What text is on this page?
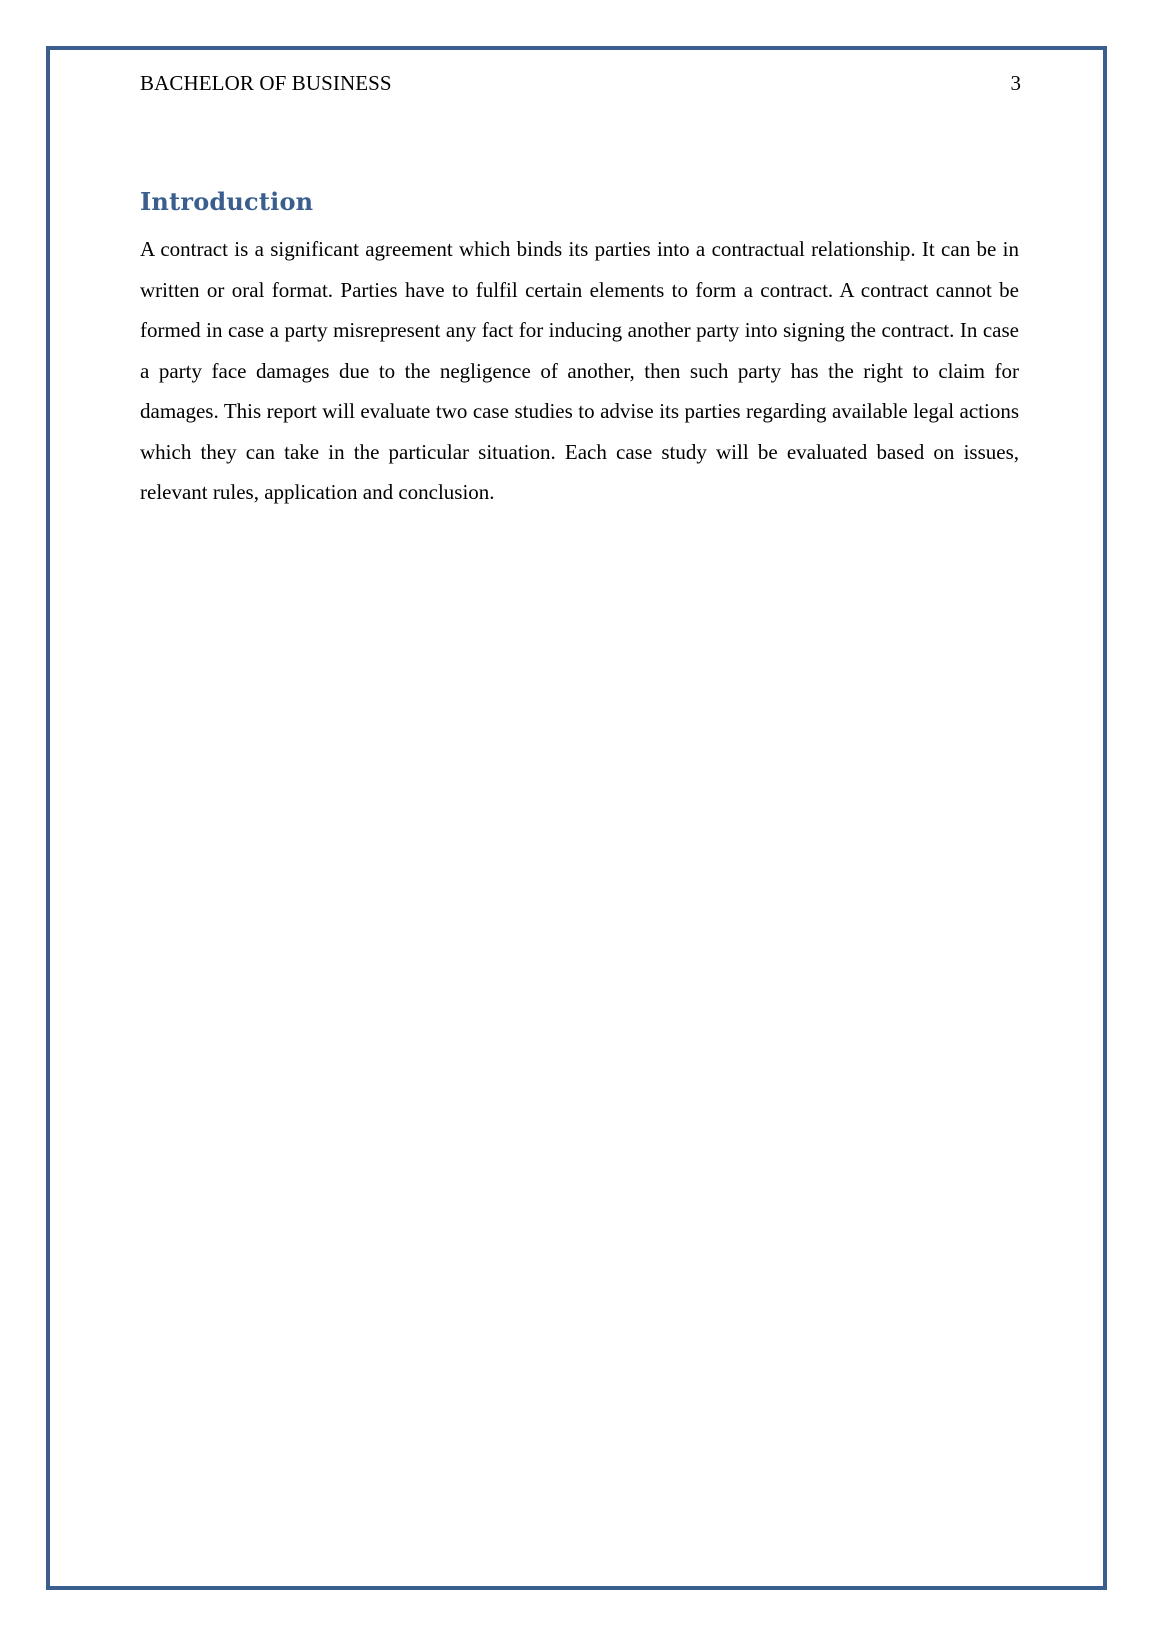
BACHELOR OF BUSINESS	3
Introduction

A contract is a significant agreement which binds its parties into a contractual relationship. It can be in written or oral format. Parties have to fulfil certain elements to form a contract. A contract cannot be formed in case a party misrepresent any fact for inducing another party into signing the contract. In case a party face damages due to the negligence of another, then such party has the right to claim for damages. This report will evaluate two case studies to advise its parties regarding available legal actions which they can take in the particular situation. Each case study will be evaluated based on issues, relevant rules, application and conclusion.
